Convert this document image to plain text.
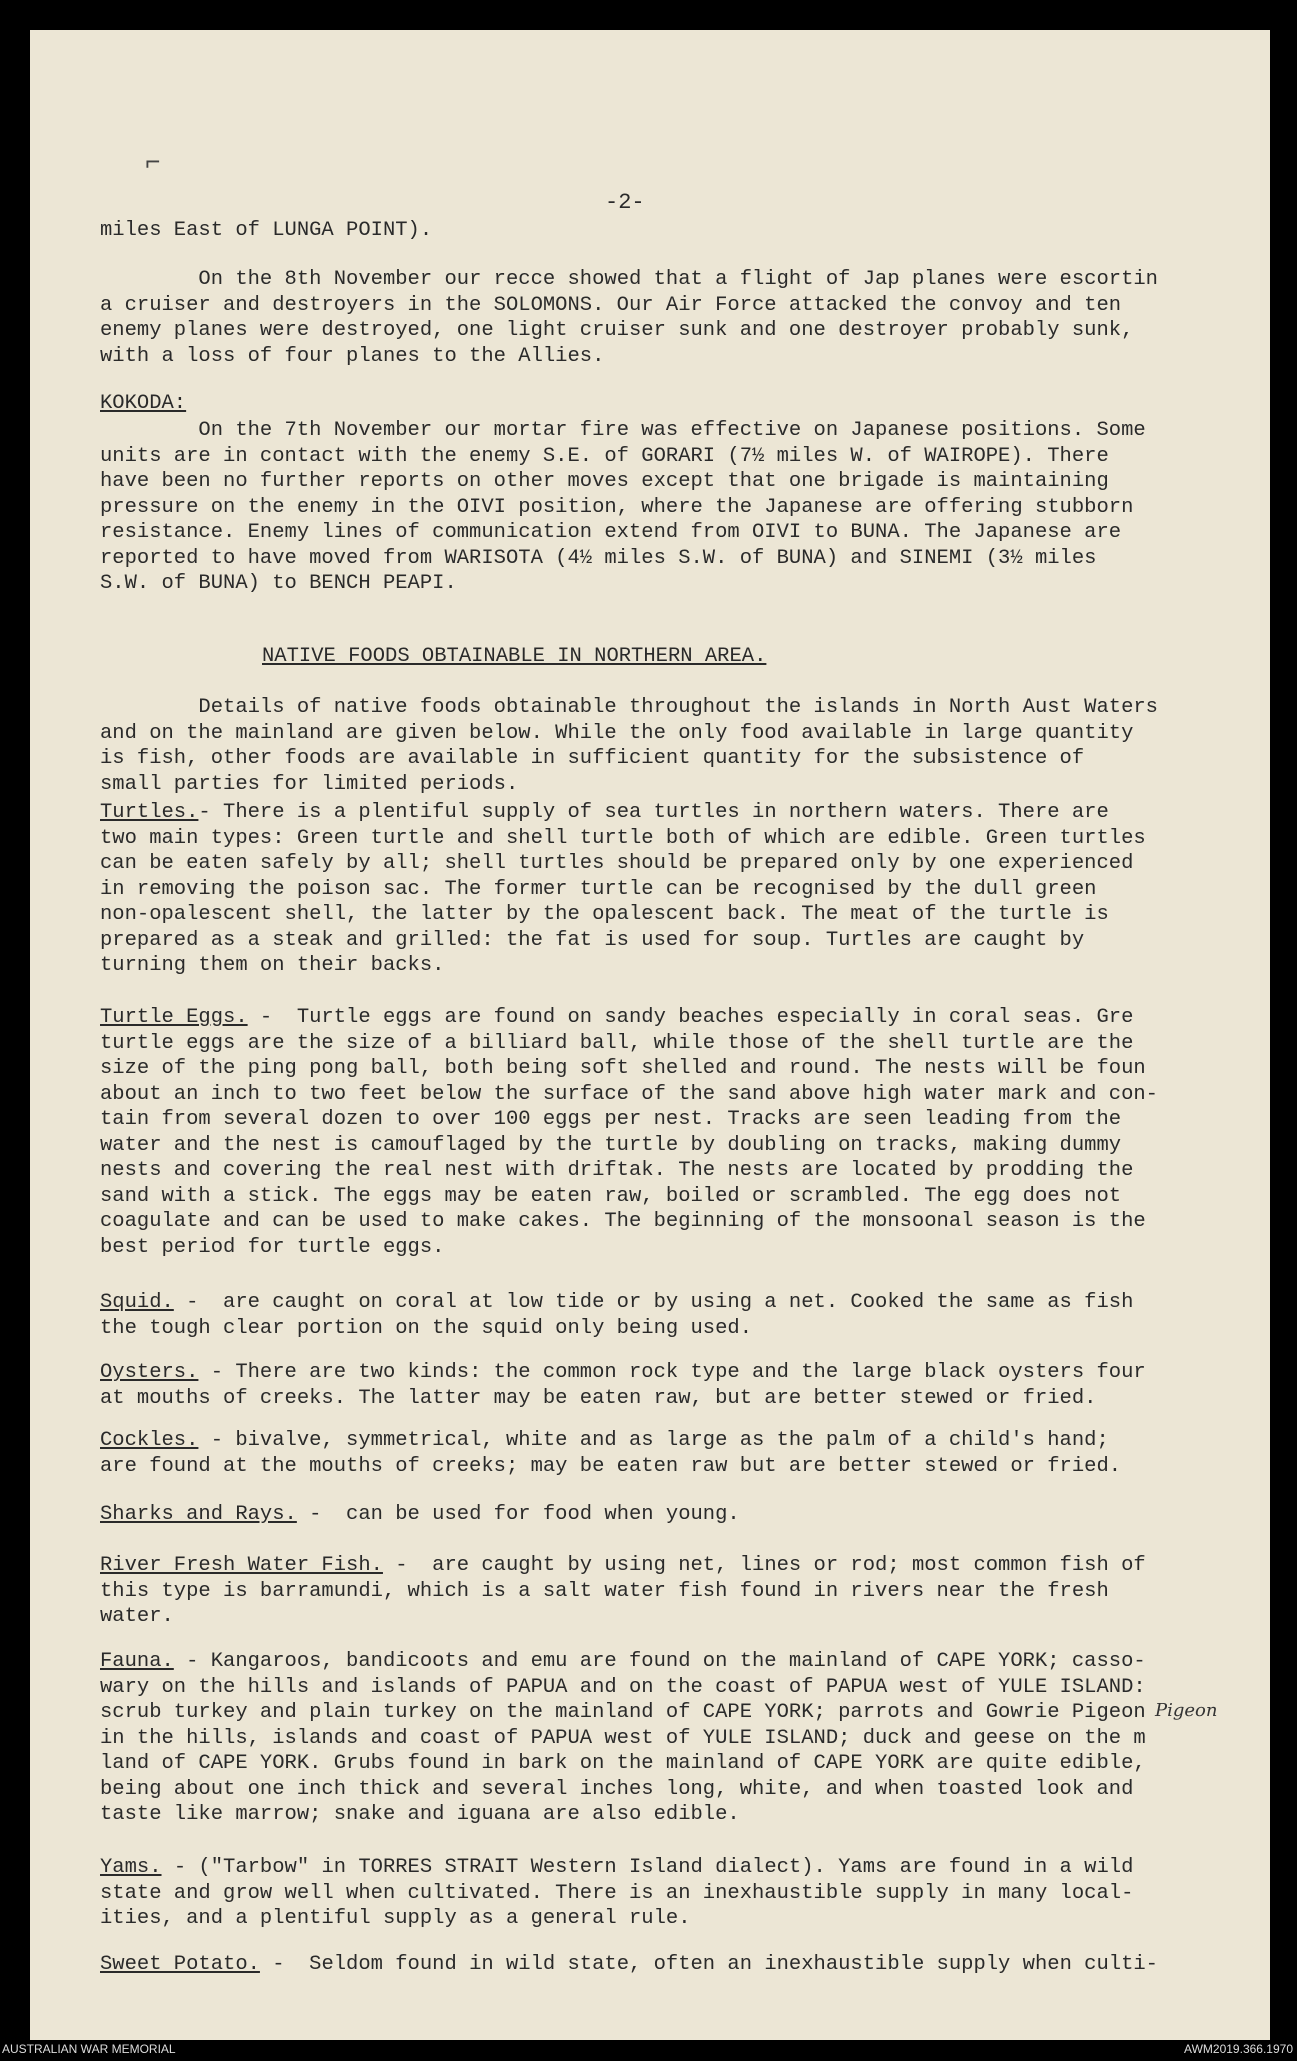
⌐
-2-
miles East of LUNGA POINT).
On the 8th November our recce showed that a flight of Jap planes were escortin
a cruiser and destroyers in the SOLOMONS. Our Air Force attacked the convoy and ten
enemy planes were destroyed, one light cruiser sunk and one destroyer probably sunk,
with a loss of four planes to the Allies.
KOKODA:
On the 7th November our mortar fire was effective on Japanese positions. Some
units are in contact with the enemy S.E. of GORARI (7½ miles W. of WAIROPE). There
have been no further reports on other moves except that one brigade is maintaining
pressure on the enemy in the OIVI position, where the Japanese are offering stubborn
resistance. Enemy lines of communication extend from OIVI to BUNA. The Japanese are
reported to have moved from WARISOTA (4½ miles S.W. of BUNA) and SINEMI (3½ miles
S.W. of BUNA) to BENCH PEAPI.
NATIVE FOODS OBTAINABLE IN NORTHERN AREA.
Details of native foods obtainable throughout the islands in North Aust Waters
and on the mainland are given below. While the only food available in large quantity
is fish, other foods are available in sufficient quantity for the subsistence of
small parties for limited periods.
Turtles.- There is a plentiful supply of sea turtles in northern waters. There are
two main types: Green turtle and shell turtle both of which are edible. Green turtles
can be eaten safely by all; shell turtles should be prepared only by one experienced
in removing the poison sac. The former turtle can be recognised by the dull green
non-opalescent shell, the latter by the opalescent back. The meat of the turtle is
prepared as a steak and grilled: the fat is used for soup. Turtles are caught by
turning them on their backs.
Turtle Eggs. -  Turtle eggs are found on sandy beaches especially in coral seas. Gre
turtle eggs are the size of a billiard ball, while those of the shell turtle are the
size of the ping pong ball, both being soft shelled and round. The nests will be foun
about an inch to two feet below the surface of the sand above high water mark and con-
tain from several dozen to over 100 eggs per nest. Tracks are seen leading from the
water and the nest is camouflaged by the turtle by doubling on tracks, making dummy
nests and covering the real nest with driftak. The nests are located by prodding the
sand with a stick. The eggs may be eaten raw, boiled or scrambled. The egg does not
coagulate and can be used to make cakes. The beginning of the monsoonal season is the
best period for turtle eggs.
Squid. -  are caught on coral at low tide or by using a net. Cooked the same as fish
the tough clear portion on the squid only being used.
Oysters. - There are two kinds: the common rock type and the large black oysters four
at mouths of creeks. The latter may be eaten raw, but are better stewed or fried.
Cockles. - bivalve, symmetrical, white and as large as the palm of a child's hand;
are found at the mouths of creeks; may be eaten raw but are better stewed or fried.
Sharks and Rays. -  can be used for food when young.
River Fresh Water Fish. -  are caught by using net, lines or rod; most common fish of
this type is barramundi, which is a salt water fish found in rivers near the fresh
water.
Fauna. - Kangaroos, bandicoots and emu are found on the mainland of CAPE YORK; casso-
wary on the hills and islands of PAPUA and on the coast of PAPUA west of YULE ISLAND:
scrub turkey and plain turkey on the mainland of CAPE YORK; parrots and Gowrie Pigeon
in the hills, islands and coast of PAPUA west of YULE ISLAND; duck and geese on the m
land of CAPE YORK. Grubs found in bark on the mainland of CAPE YORK are quite edible,
being about one inch thick and several inches long, white, and when toasted look and
taste like marrow; snake and iguana are also edible.
Pigeon
Yams. - ("Tarbow" in TORRES STRAIT Western Island dialect). Yams are found in a wild
state and grow well when cultivated. There is an inexhaustible supply in many local-
ities, and a plentiful supply as a general rule.
Sweet Potato. -  Seldom found in wild state, often an inexhaustible supply when culti-
AUSTRALIAN WAR MEMORIAL	AWM2019.366.1970
